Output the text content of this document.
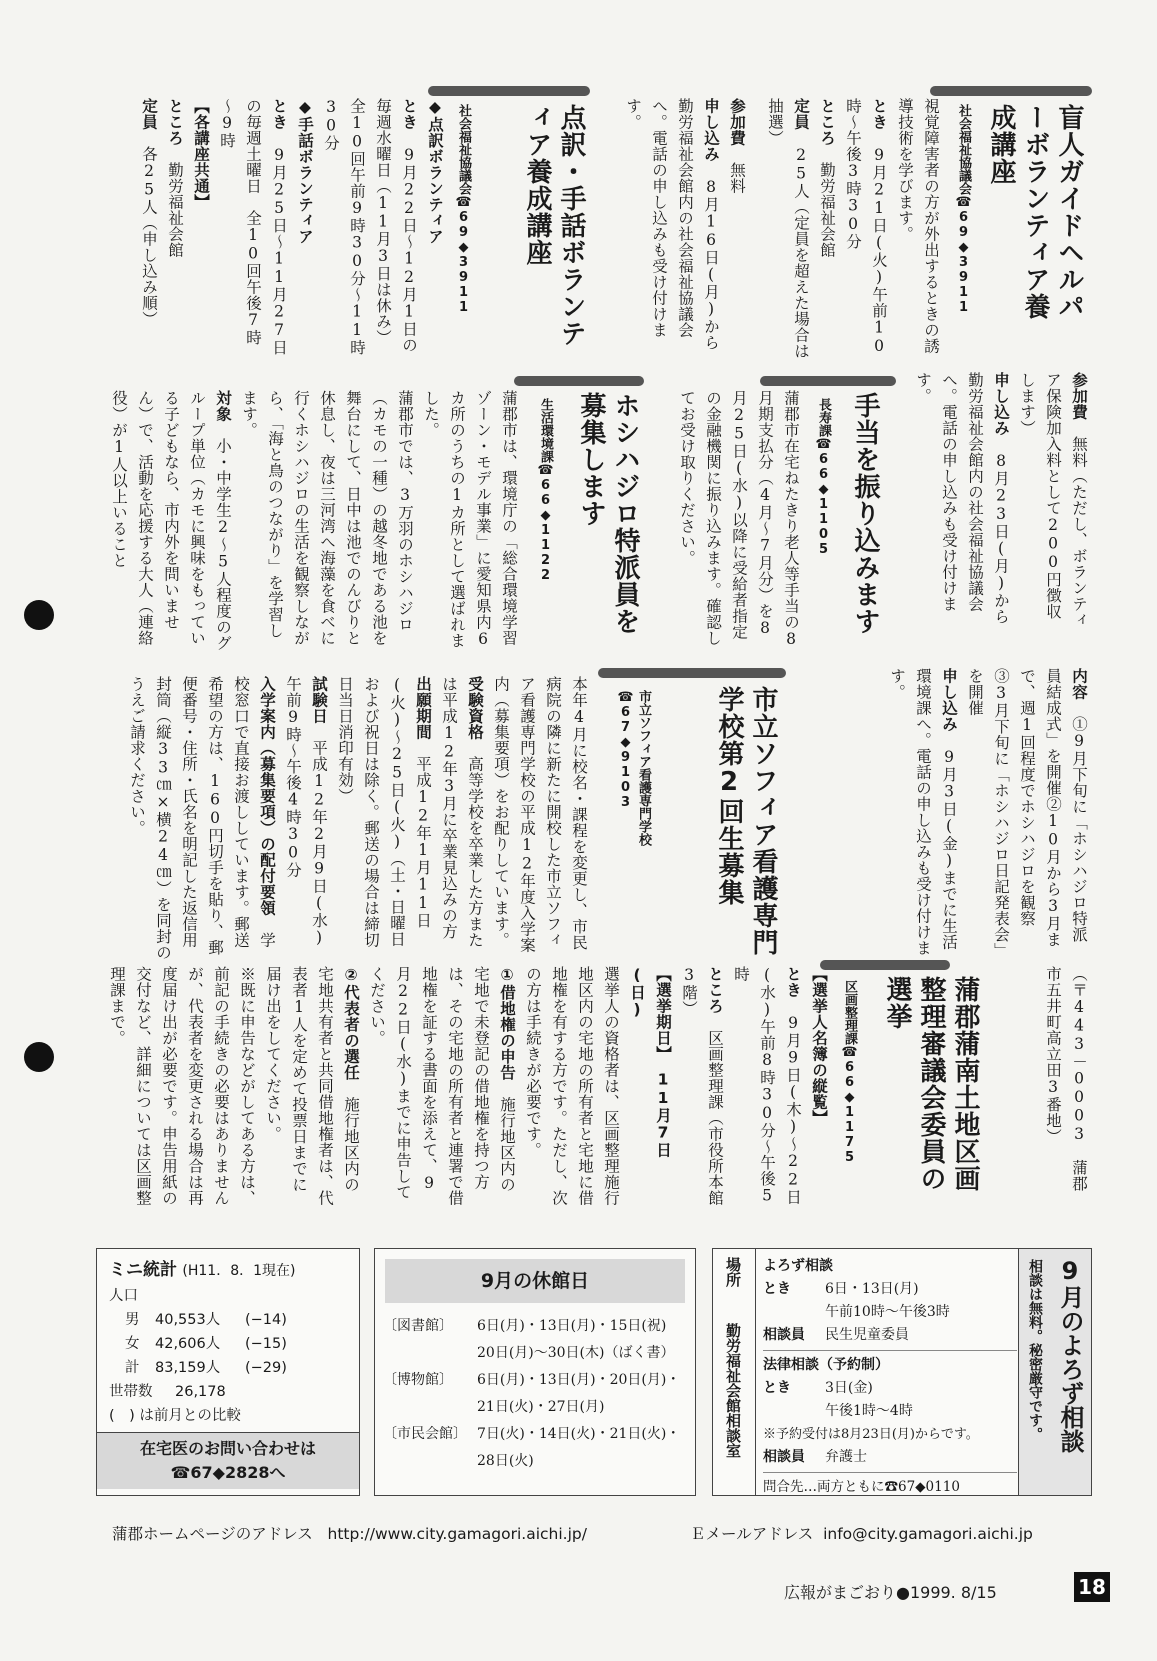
盲人ガイドヘルパーボランティア養成講座
社会福祉協議会☎69◆3911

視覚障害者の方が外出するときの誘導技術を学びます。

とき　9月21日(火)午前10時～午後3時30分

ところ　勤労福祉会館

定員　25人（定員を超えた場合は抽選）

参加費　無料（ただし、ボランティア保険加入料として200円徴収します）

申し込み　8月23日(月)から勤労福祉会館内の社会福祉協議会へ。電話の申し込みも受け付けます。

参加費　無料

申し込み　8月16日(月)から勤労福祉会館内の社会福祉協議会へ。電話の申し込みも受け付けます。

点訳・手話ボランティア養成講座
社会福祉協議会☎69◆3911

◆点訳ボランティア

とき　9月22日～12月1日の毎週水曜日（11月3日は休み）全10回午前9時30分～11時30分

◆手話ボランティア

とき　9月25日～11月27日の毎週土曜日　全10回午後7時～9時

【各講座共通】

ところ　勤労福祉会館

定員　各25人（申し込み順）

手当を振り込みます
長寿課☎66◆1105

蒲郡市在宅ねたきり老人等手当の8月期支払分（4月～7月分）を8月25日(水)以降に受給者指定の金融機関に振り込みます。確認してお受け取りください。

ホシハジロ特派員を募集します
生活環境課☎66◆1122

蒲郡市は、環境庁の「総合環境学習ゾーン・モデル事業」に愛知県内6カ所のうちの1カ所として選ばれました。

蒲郡市では、3万羽のホシハジロ（カモの一種）の越冬地である池を舞台にして、日中は池でのんびりと休息し、夜は三河湾へ海藻を食べに行くホシハジロの生活を観察しながら、「海と鳥のつながり」を学習します。

対象　小・中学生2～5人程度のグループ単位（カモに興味をもっている子どもなら、市内外を問いません）で、活動を応援する大人（連絡役）が1人以上いること

内容　①9月下旬に「ホシハジロ特派員結成式」を開催②10月から3月まで、週1回程度でホシハジロを観察③3月下旬に「ホシハジロ日記発表会」を開催

申し込み　9月3日(金)までに生活環境課へ。電話の申し込みも受け付けます。

市立ソフィア看護専門学校第2回生募集
市立ソフィア看護専門学校☎67◆9103

本年4月に校名・課程を変更し、市民病院の隣に新たに開校した市立ソフィア看護専門学校の平成12年度入学案内（募集要項）をお配りしています。

受験資格　高等学校を卒業した方または平成12年3月に卒業見込みの方

出願期間　平成12年1月11日(火)～25日(火)（土・日曜日および祝日は除く。郵送の場合は締切日当日消印有効）

試験日　平成12年2月9日(水)午前9時～午後4時30分

入学案内（募集要項）の配付要領　学校窓口で直接お渡ししています。郵送希望の方は、160円切手を貼り、郵便番号・住所・氏名を明記した返信用封筒（縦33㎝×横24㎝）を同封のうえご請求ください。

（〒443－0003　蒲郡市五井町高立田3番地）

蒲郡蒲南土地区画整理審議会委員の選挙
区画整理課☎66◆1175

【選挙人名簿の縦覧】

とき　9月9日(木)～22日(水)午前8時30分～午後5時

ところ　区画整理課（市役所本館3階）

【選挙期日】　11月7日(日)

選挙人の資格者は、区画整理施行地区内の宅地の所有者と宅地に借地権を有する方です。ただし、次の方は手続きが必要です。

①借地権の申告　施行地区内の宅地で未登記の借地権を持つ方は、その宅地の所有者と連署で借地権を証する書面を添えて、9月22日(水)までに申告してください。

②代表者の選任　施行地区内の宅地共有者と共同借地権者は、代表者1人を定めて投票日までに届け出をしてください。

※既に申告などがしてある方は、前記の手続きの必要はありませんが、代表者を変更される場合は再度届け出が必要です。申告用紙の交付など、詳細については区画整理課まで。

ミニ統計 (H11．8．1現在)
人口
男	40,553人	(−14)
女	42,606人	(−15)
計	83,159人	(−29)
世帯数	26,178
(　) は前月との比較
在宅医のお問い合わせは
☎67◆2828へ
9月の休館日
〔図書館〕	6日(月)・13日(月)・15日(祝)
20日(月)～30日(木)（ばく書）
〔博物館〕	6日(月)・13日(月)・20日(月)・
21日(火)・27日(月)
〔市民会館〕 7日(火)・14日(火)・21日(火)・
28日(火)
場所
勤労福祉会館相談室
よろず相談
とき	6日・13日(月)
午前10時～午後3時
相談員	民生児童委員
法律相談（予約制）
とき	3日(金)
午後1時～4時
※予約受付は8月23日(月)からです。
相談員	弁護士
問合先…両方ともに☎67◆0110
9月のよろず相談
相談は無料。秘密厳守です。
蒲郡ホームページのアドレス http://www.city.gamagori.aichi.jp/	Ｅメールアドレス info@city.gamagori.aichi.jp
広報がまごおり●1999. 8/15	18
